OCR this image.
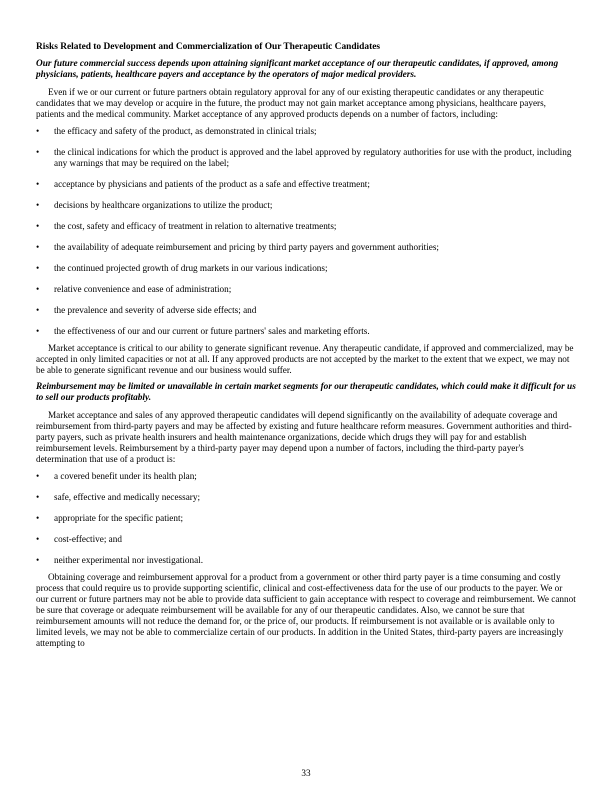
Risks Related to Development and Commercialization of Our Therapeutic Candidates

Our future commercial success depends upon attaining significant market acceptance of our therapeutic candidates, if approved, among physicians, patients, healthcare payers and acceptance by the operators of major medical providers.

Even if we or our current or future partners obtain regulatory approval for any of our existing therapeutic candidates or any therapeutic candidates that we may develop or acquire in the future, the product may not gain market acceptance among physicians, healthcare payers, patients and the medical community. Market acceptance of any approved products depends on a number of factors, including:

• the efficacy and safety of the product, as demonstrated in clinical trials;
• the clinical indications for which the product is approved and the label approved by regulatory authorities for use with the product, including any warnings that may be required on the label;
• acceptance by physicians and patients of the product as a safe and effective treatment;
• decisions by healthcare organizations to utilize the product;
• the cost, safety and efficacy of treatment in relation to alternative treatments;
• the availability of adequate reimbursement and pricing by third party payers and government authorities;
• the continued projected growth of drug markets in our various indications;
• relative convenience and ease of administration;
• the prevalence and severity of adverse side effects; and
• the effectiveness of our and our current or future partners' sales and marketing efforts.

Market acceptance is critical to our ability to generate significant revenue. Any therapeutic candidate, if approved and commercialized, may be accepted in only limited capacities or not at all. If any approved products are not accepted by the market to the extent that we expect, we may not be able to generate significant revenue and our business would suffer.

Reimbursement may be limited or unavailable in certain market segments for our therapeutic candidates, which could make it difficult for us to sell our products profitably.

Market acceptance and sales of any approved therapeutic candidates will depend significantly on the availability of adequate coverage and reimbursement from third-party payers and may be affected by existing and future healthcare reform measures. Government authorities and third-party payers, such as private health insurers and health maintenance organizations, decide which drugs they will pay for and establish reimbursement levels. Reimbursement by a third-party payer may depend upon a number of factors, including the third-party payer's determination that use of a product is:

• a covered benefit under its health plan;
• safe, effective and medically necessary;
• appropriate for the specific patient;
• cost-effective; and
• neither experimental nor investigational.

Obtaining coverage and reimbursement approval for a product from a government or other third party payer is a time consuming and costly process that could require us to provide supporting scientific, clinical and cost-effectiveness data for the use of our products to the payer. We or our current or future partners may not be able to provide data sufficient to gain acceptance with respect to coverage and reimbursement. We cannot be sure that coverage or adequate reimbursement will be available for any of our therapeutic candidates. Also, we cannot be sure that reimbursement amounts will not reduce the demand for, or the price of, our products. If reimbursement is not available or is available only to limited levels, we may not be able to commercialize certain of our products. In addition in the United States, third-party payers are increasingly attempting to

33
